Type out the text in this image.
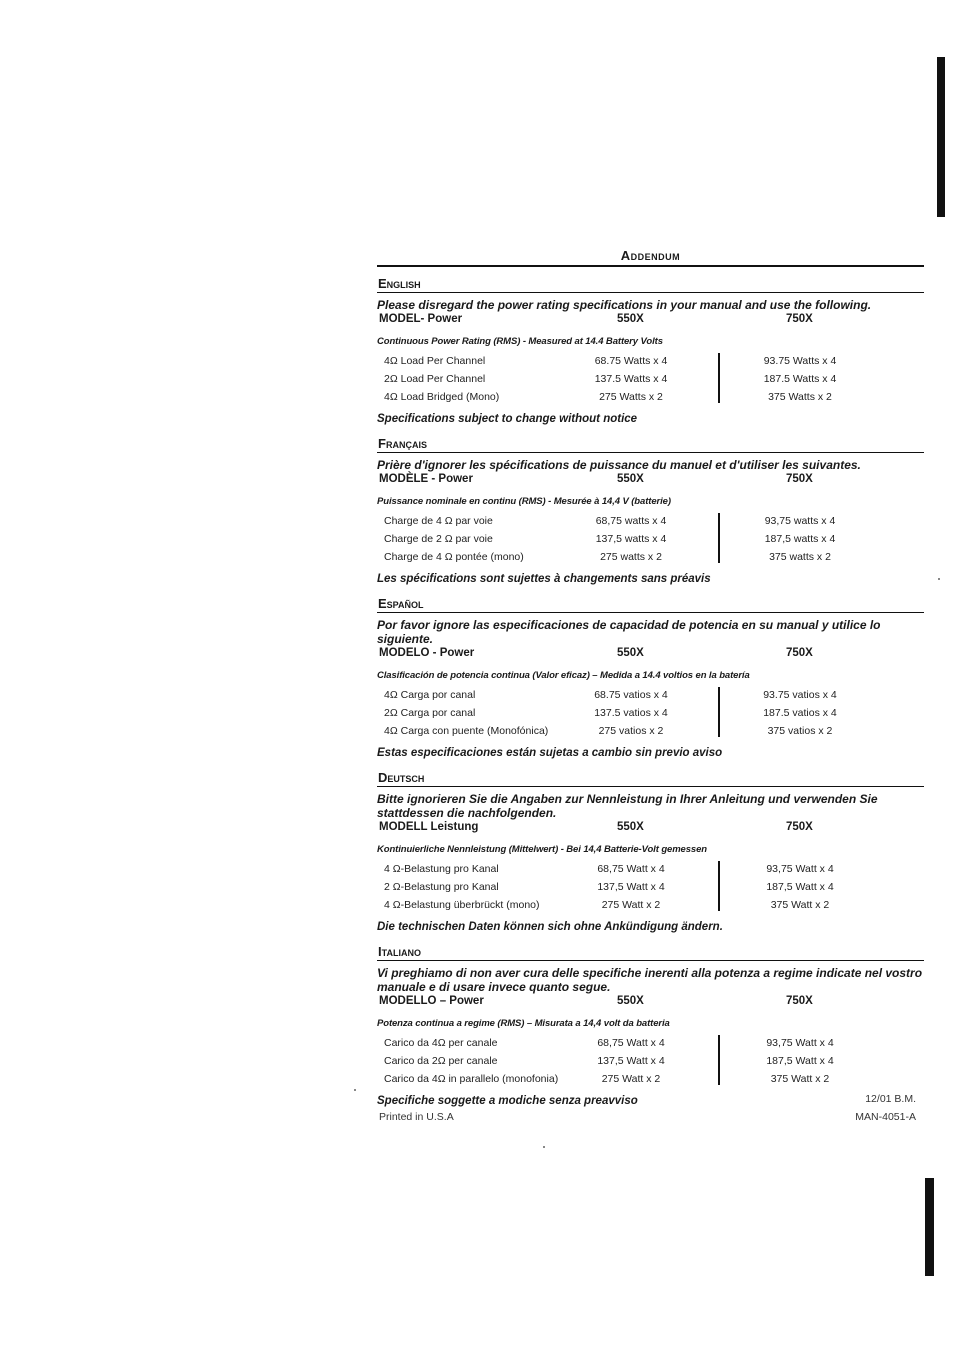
Addendum
English
Please disregard the power rating specifications in your manual and use the following.
MODEL- Power	550X	750X
Continuous Power Rating (RMS) - Measured at 14.4 Battery Volts
4Ω Load Per Channel	68.75 Watts x 4	93.75 Watts x 4
2Ω Load Per Channel	137.5 Watts x 4	187.5 Watts x 4
4Ω Load Bridged (Mono)	275 Watts x 2	375 Watts x 2
Specifications subject to change without notice
Français
Prière d'ignorer les spécifications de puissance du manuel et d'utiliser les suivantes.
MODÈLE - Power	550X	750X
Puissance nominale en continu (RMS) - Mesurée à 14,4 V (batterie)
Charge de 4 Ω par voie	68,75 watts x 4	93,75 watts x 4
Charge de 2 Ω par voie	137,5 watts x 4	187,5 watts x 4
Charge de 4 Ω pontée (mono)	275 watts x 2	375 watts x 2
Les spécifications sont sujettes à changements sans préavis
Español
Por favor ignore las especificaciones de capacidad de potencia en su manual y utilice lo siguiente.
MODELO - Power	550X	750X
Clasificación de potencia continua (Valor eficaz) – Medida a 14.4 voltios en la batería
4Ω Carga por canal	68.75 vatios x 4	93.75 vatios x 4
2Ω Carga por canal	137.5 vatios x 4	187.5 vatios x 4
4Ω Carga con puente (Monofónica)	275 vatios x 2	375 vatios x 2
Estas especificaciones están sujetas a cambio sin previo aviso
Deutsch
Bitte ignorieren Sie die Angaben zur Nennleistung in Ihrer Anleitung und verwenden Sie stattdessen die nachfolgenden.
MODELL Leistung	550X	750X
Kontinuierliche Nennleistung (Mittelwert) - Bei 14,4 Batterie-Volt gemessen
4 Ω-Belastung pro Kanal	68,75 Watt x 4	93,75 Watt x 4
2 Ω-Belastung pro Kanal	137,5 Watt x 4	187,5 Watt x 4
4 Ω-Belastung überbrückt (mono)	275 Watt x 2	375 Watt x 2
Die technischen Daten können sich ohne Ankündigung ändern.
Italiano
Vi preghiamo di non aver cura delle specifiche inerenti alla potenza a regime indicate nel vostro manuale e di usare invece quanto segue.
MODELLO – Power	550X	750X
Potenza continua a regime (RMS) – Misurata a 14,4 volt da batteria
Carico da 4Ω per canale	68,75 Watt x 4	93,75 Watt x 4
Carico da 2Ω per canale	137,5 Watt x 4	187,5 Watt x 4
Carico da 4Ω in parallelo (monofonia)	275 Watt x 2	375 Watt x 2
Specifiche soggette a modiche senza preavviso
Printed in U.S.A
12/01 B.M.
MAN-4051-A
